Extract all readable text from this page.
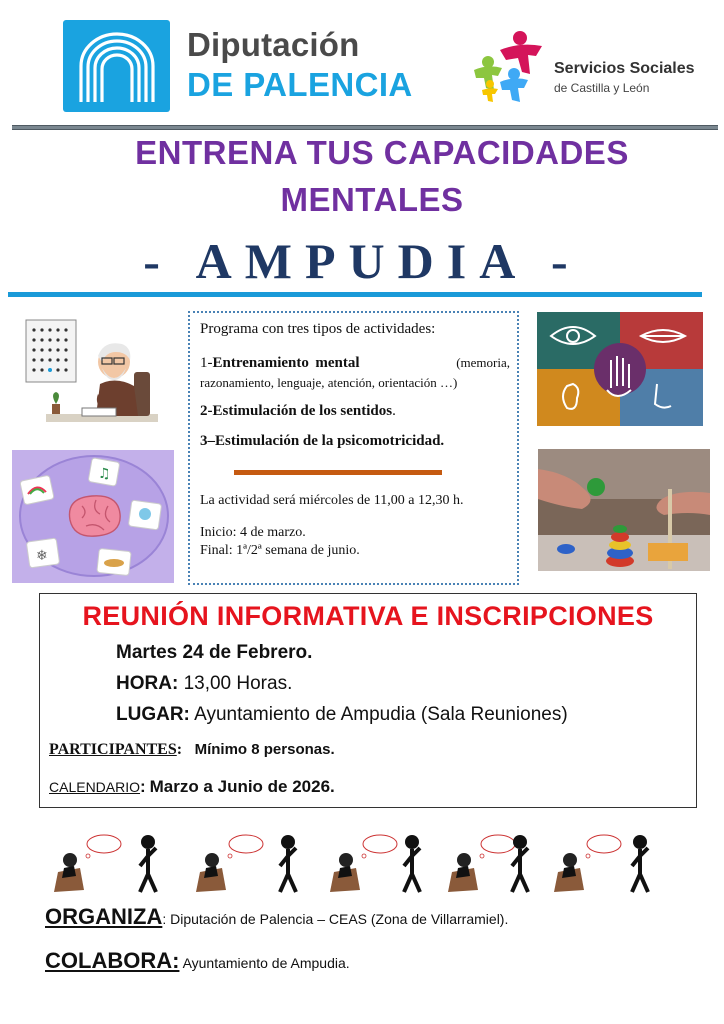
Diputación
DE PALENCIA	Servicios Sociales
de Castilla y León
ENTRENA TUS CAPACIDADES
MENTALES
- AMPUDIA -
♫
❄
Programa con tres tipos de actividades:
1-Entrenamiento mental	(memoria, razonamiento, lenguaje, atención, orientación …)
2-Estimulación de los sentidos.
3–Estimulación de la psicomotricidad.
La actividad será miércoles de 11,00 a 12,30 h.
Inicio: 4 de marzo.
Final: 1ª/2ª semana de junio.
REUNIÓN INFORMATIVA E INSCRIPCIONES
Martes 24 de Febrero.
HORA: 13,00 Horas.
LUGAR: Ayuntamiento de Ampudia (Sala Reuniones)
PARTICIPANTES: Mínimo 8 personas.
CALENDARIO: Marzo a Junio de 2026.
ORGANIZA: Diputación de Palencia – CEAS (Zona de Villarramiel).
COLABORA: Ayuntamiento de Ampudia.
